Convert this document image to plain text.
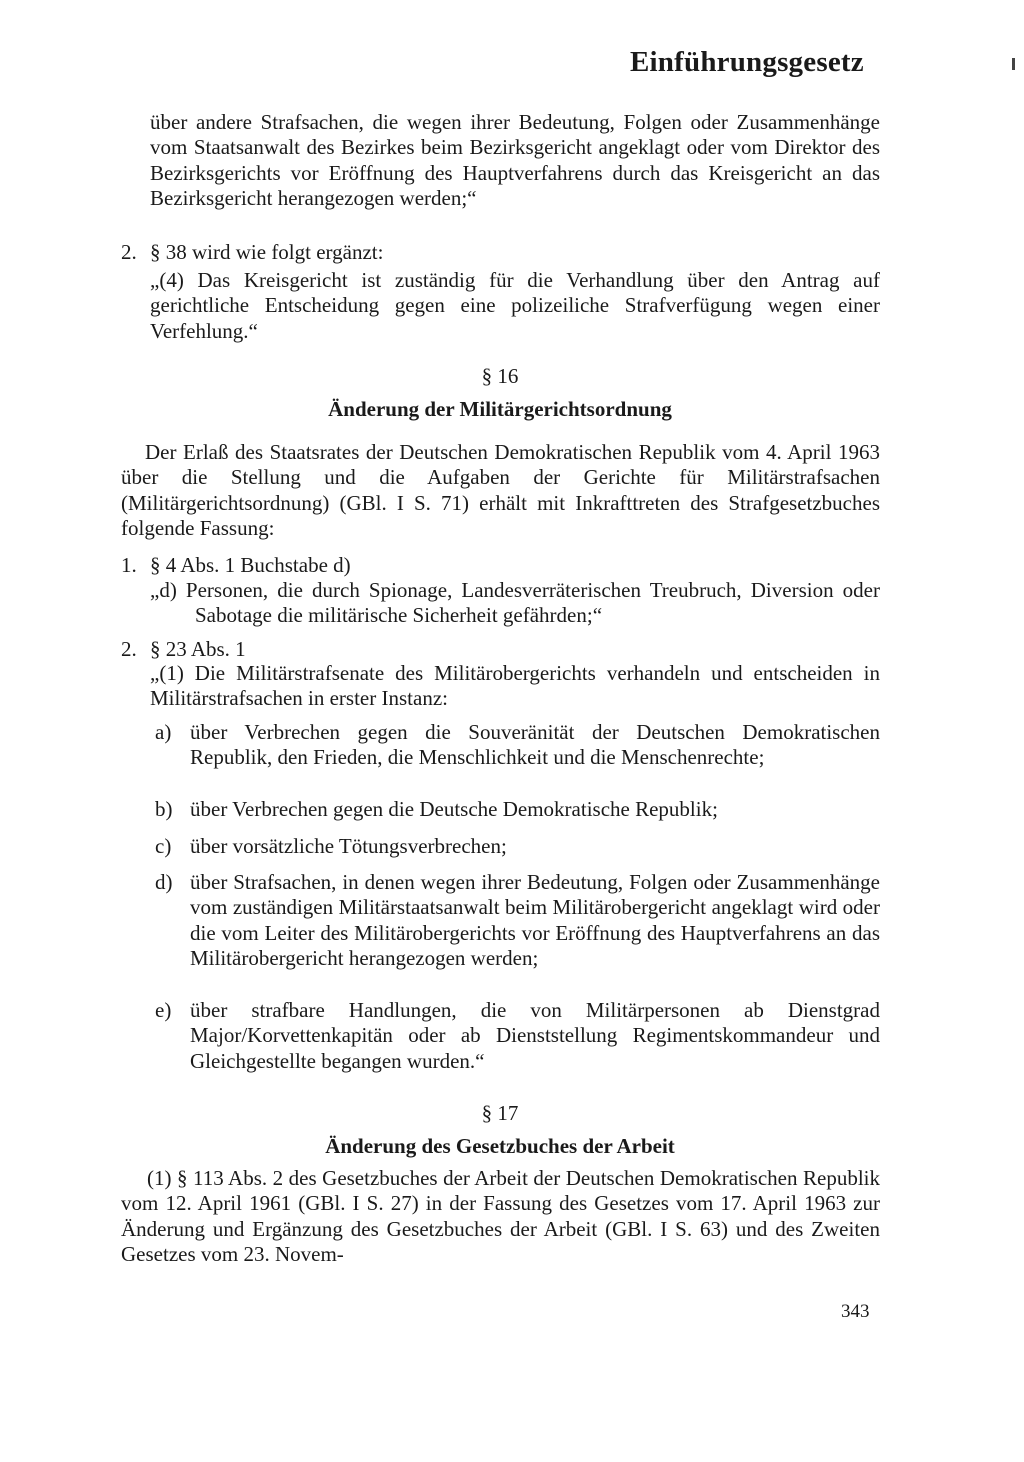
Einführungsgesetz

über andere Strafsachen, die wegen ihrer Bedeutung, Folgen oder Zusammenhänge vom Staatsanwalt des Bezirkes beim Bezirksgericht angeklagt oder vom Direktor des Bezirksgerichts vor Eröffnung des Hauptverfahrens durch das Kreisgericht an das Bezirksgericht herangezogen werden;“

2. § 38 wird wie folgt ergänzt:

„(4) Das Kreisgericht ist zuständig für die Verhandlung über den Antrag auf gerichtliche Entscheidung gegen eine polizeiliche Strafverfügung wegen einer Verfehlung.“

§ 16
Änderung der Militärgerichtsordnung

Der Erlaß des Staatsrates der Deutschen Demokratischen Republik vom 4. April 1963 über die Stellung und die Aufgaben der Gerichte für Militärstrafsachen (Militärgerichtsordnung) (GBl. I S. 71) erhält mit Inkrafttreten des Strafgesetzbuches folgende Fassung:

1. § 4 Abs. 1 Buchstabe d)

„d) Personen, die durch Spionage, Landesverräterischen Treubruch, Diversion oder Sabotage die militärische Sicherheit gefährden;“

2. § 23 Abs. 1

„(1) Die Militärstrafsenate des Militärobergerichts verhandeln und entscheiden in Militärstrafsachen in erster Instanz:

a) über Verbrechen gegen die Souveränität der Deutschen Demokratischen Republik, den Frieden, die Menschlichkeit und die Menschenrechte;

b) über Verbrechen gegen die Deutsche Demokratische Republik;

c) über vorsätzliche Tötungsverbrechen;

d) über Strafsachen, in denen wegen ihrer Bedeutung, Folgen oder Zusammenhänge vom zuständigen Militärstaatsanwalt beim Militärobergericht angeklagt wird oder die vom Leiter des Militärobergerichts vor Eröffnung des Hauptverfahrens an das Militärobergericht herangezogen werden;

e) über strafbare Handlungen, die von Militärpersonen ab Dienstgrad Major/Korvettenkapitän oder ab Dienststellung Regimentskommandeur und Gleichgestellte begangen wurden.“

§ 17
Änderung des Gesetzbuches der Arbeit

(1) § 113 Abs. 2 des Gesetzbuches der Arbeit der Deutschen Demokratischen Republik vom 12. April 1961 (GBl. I S. 27) in der Fassung des Gesetzes vom 17. April 1963 zur Änderung und Ergänzung des Gesetzbuches der Arbeit (GBl. I S. 63) und des Zweiten Gesetzes vom 23. Novem-

343
